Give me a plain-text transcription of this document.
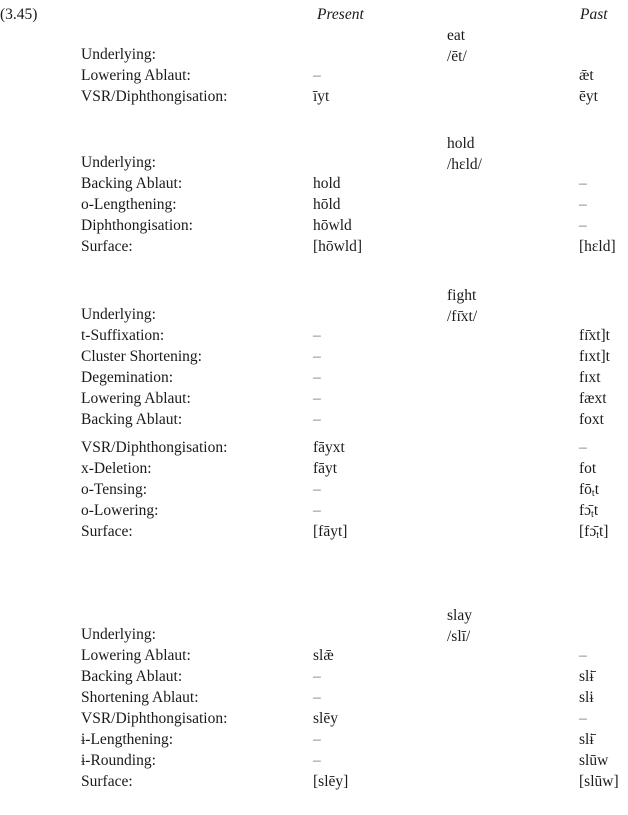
(3.45)	Present	Past
eat
/ēt/
Underlying:
Lowering Ablaut:	–	ǣt
VSR/Diphthongisation:	īyt	ēyt
hold
/hɛld/
Underlying:
Backing Ablaut:	hold	–
o-Lengthening:	hōld	–
Diphthongisation:	hōwld	–
Surface:	[hōwld]	[hɛld]
fight
/fɪ̄xt/
Underlying:
t-Suffixation:	–	fɪ̄xt]t
Cluster Shortening:	–	fɪxt]t
Degemination:	–	fɪxt
Lowering Ablaut:	–	fæxt
Backing Ablaut:	–	foxt
VSR/Diphthongisation:	fāyxt	–
x-Deletion:	fāyt	fot
o-Tensing:	–	$fō_tt$
o-Lowering:	–	$fɔ̄_tt$
Surface:	[fāyt]	$[fɔ̄_tt]$
slay
/slī/
Underlying:
Lowering Ablaut:	slǣ	–
Backing Ablaut:	–	slɨ̄
Shortening Ablaut:	–	slɨ
VSR/Diphthongisation:	slēy	–
ɨ-Lengthening:	–	slɨ̄
ɨ-Rounding:	–	slūw
Surface:	[slēy]	[slūw]
